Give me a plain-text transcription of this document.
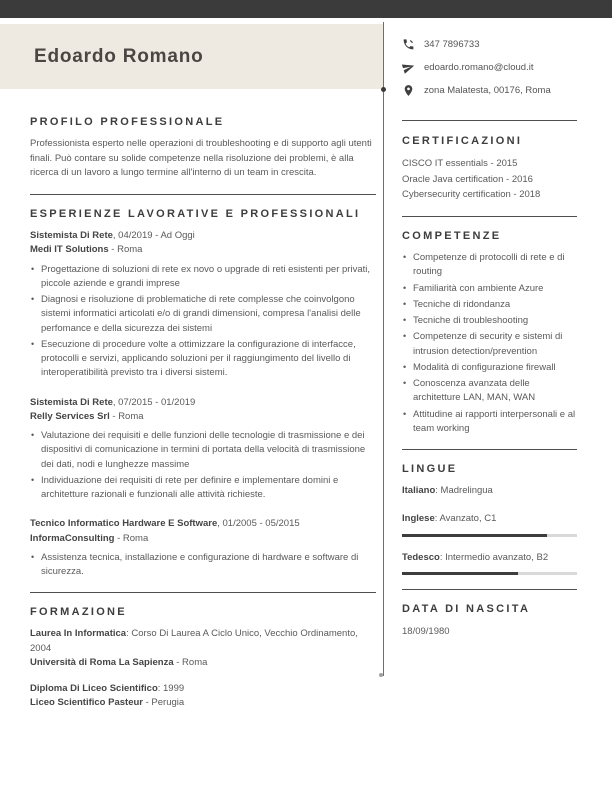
Edoardo Romano
347 7896733
edoardo.romano@cloud.it
zona Malatesta, 00176, Roma
PROFILO PROFESSIONALE

Professionista esperto nelle operazioni di troubleshooting e di supporto agli utenti finali. Può contare su solide competenze nella risoluzione dei problemi, è alla ricerca di un lavoro a lungo termine all'interno di un team in crescita.

ESPERIENZE LAVORATIVE E PROFESSIONALI
Sistemista Di Rete, 04/2019 - Ad Oggi
Medi IT Solutions - Roma
• Progettazione di soluzioni di rete ex novo o upgrade di reti esistenti per privati, piccole aziende e grandi imprese
• Diagnosi e risoluzione di problematiche di rete complesse che coinvolgono sistemi informatici articolati e/o di grandi dimensioni, compresa l'analisi delle perfomance e della sicurezza dei sistemi
• Esecuzione di procedure volte a ottimizzare la configurazione di interfacce, protocolli e servizi, applicando soluzioni per il raggiungimento del livello di interoperatibilità previsto tra i diversi sistemi.
Sistemista Di Rete, 07/2015 - 01/2019
Relly Services Srl - Roma
• Valutazione dei requisiti e delle funzioni delle tecnologie di trasmissione e dei dispositivi di comunicazione in termini di portata della velocità di trasmissione dei dati, nodi e lunghezze massime
• Individuazione dei requisiti di rete per definire e implementare domini e architetture razionali e funzionali alle attività richieste.
Tecnico Informatico Hardware E Software, 01/2005 - 05/2015
InformaConsulting - Roma
• Assistenza tecnica, installazione e configurazione di hardware e software di sicurezza.
FORMAZIONE
Laurea In Informatica: Corso Di Laurea A Ciclo Unico, Vecchio Ordinamento, 2004
Università di Roma La Sapienza - Roma
Diploma Di Liceo Scientifico: 1999
Liceo Scientifico Pasteur - Perugia
CERTIFICAZIONI
CISCO IT essentials - 2015
Oracle Java certification - 2016
Cybersecurity certification - 2018
COMPETENZE
• Competenze di protocolli di rete e di routing
• Familiarità con ambiente Azure
• Tecniche di ridondanza
• Tecniche di troubleshooting
• Competenze di security e sistemi di intrusion detection/prevention
• Modalità di configurazione firewall
• Conoscenza avanzata delle architetture LAN, MAN, WAN
• Attitudine ai rapporti interpersonali e al team working
LINGUE
Italiano: Madrelingua
Inglese: Avanzato, C1
Tedesco: Intermedio avanzato, B2
DATA DI NASCITA
18/09/1980
